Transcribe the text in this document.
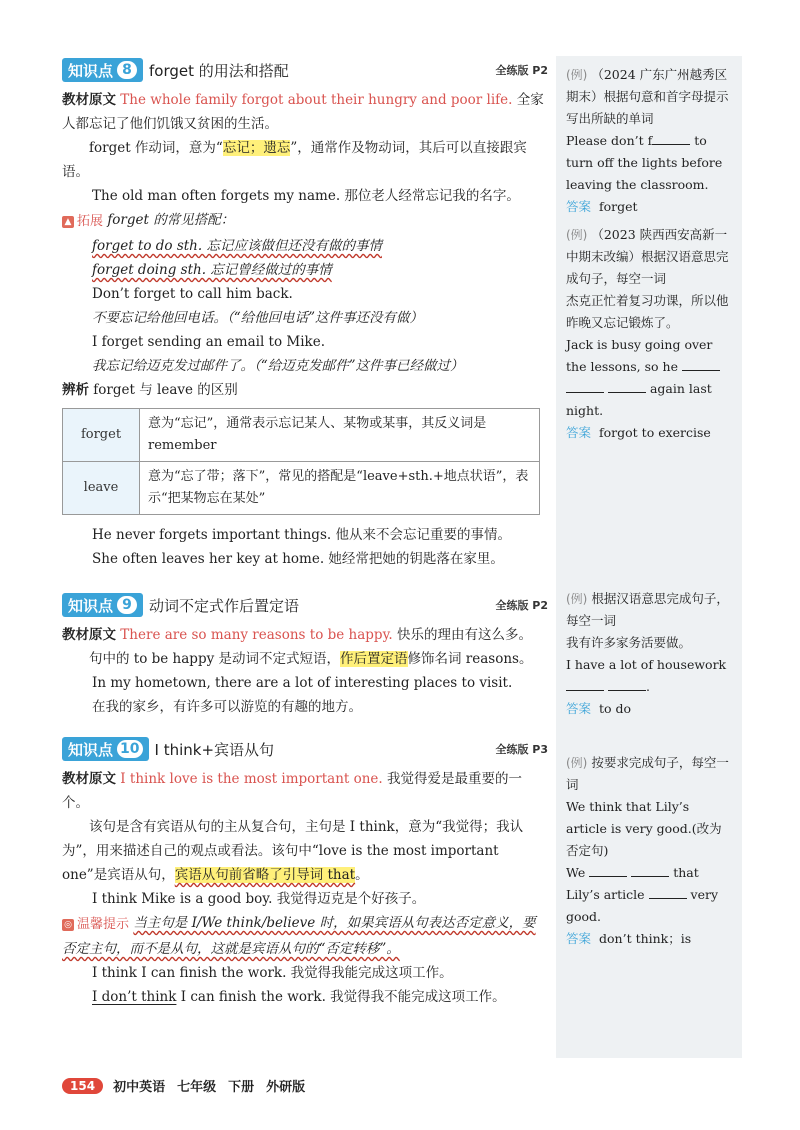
知识点 8	forget 的用法和搭配	全练版 P2

教材原文 The whole family forgot about their hungry and poor life. 全家人都忘记了他们饥饿又贫困的生活。

forget 作动词，意为“忘记；遗忘”，通常作及物动词，其后可以直接跟宾语。

The old man often forgets my name. 那位老人经常忘记我的名字。

▲ 拓展 forget 的常见搭配：

forget to do sth. 忘记应该做但还没有做的事情

forget doing sth. 忘记曾经做过的事情

Don’t forget to call him back.

不要忘记给他回电话。（“给他回电话”这件事还没有做）

I forget sending an email to Mike.

我忘记给迈克发过邮件了。（“给迈克发邮件”这件事已经做过）

辨析 forget 与 leave 的区别

forget	意为“忘记”，通常表示忘记某人、某物或某事，其反义词是 remember
leave	意为“忘了带；落下”，常见的搭配是“leave+sth.+地点状语”，表示“把某物忘在某处”

He never forgets important things. 他从来不会忘记重要的事情。

She often leaves her key at home. 她经常把她的钥匙落在家里。

知识点 9	动词不定式作后置定语	全练版 P2

教材原文 There are so many reasons to be happy. 快乐的理由有这么多。

句中的 to be happy 是动词不定式短语，作后置定语修饰名词 reasons。

In my hometown, there are a lot of interesting places to visit.

在我的家乡，有许多可以游览的有趣的地方。

知识点 10 I think+宾语从句	全练版 P3

教材原文 I think love is the most important one. 我觉得爱是最重要的一个。

该句是含有宾语从句的主从复合句，主句是 I think，意为“我觉得；我认为”，用来描述自己的观点或看法。该句中“love is the most important one”是宾语从句，宾语从句前省略了引导词 that。

I think Mike is a good boy. 我觉得迈克是个好孩子。

◎ 温馨提示 当主句是 I/We think/believe 时，如果宾语从句表达否定意义，要否定主句，而不是从句，这就是宾语从句的“否定转移”。

I think I can finish the work. 我觉得我能完成这项工作。

I don’t think I can finish the work. 我觉得我不能完成这项工作。

(例) （2024 广东广州越秀区期末）根据句意和首字母提示写出所缺的单词

Please don’t f	to turn off the lights before leaving the classroom.

答案 forget

(例) （2023 陕西西安高新一中期末改编）根据汉语意思完成句子，每空一词

杰克正忙着复习功课，所以他昨晚又忘记锻炼了。

Jack is busy going over the lessons, so he    again last night.

答案 forgot to exercise

(例) 根据汉语意思完成句子，每空一词

我有许多家务活要做。

I have a lot of housework

.

答案 to do

(例) 按要求完成句子，每空一词

We think that Lily’s article is very good.(改为否定句)

We	that Lily’s article	very good.

答案 don’t think；is

154	初中英语 七年级 下册 外研版
